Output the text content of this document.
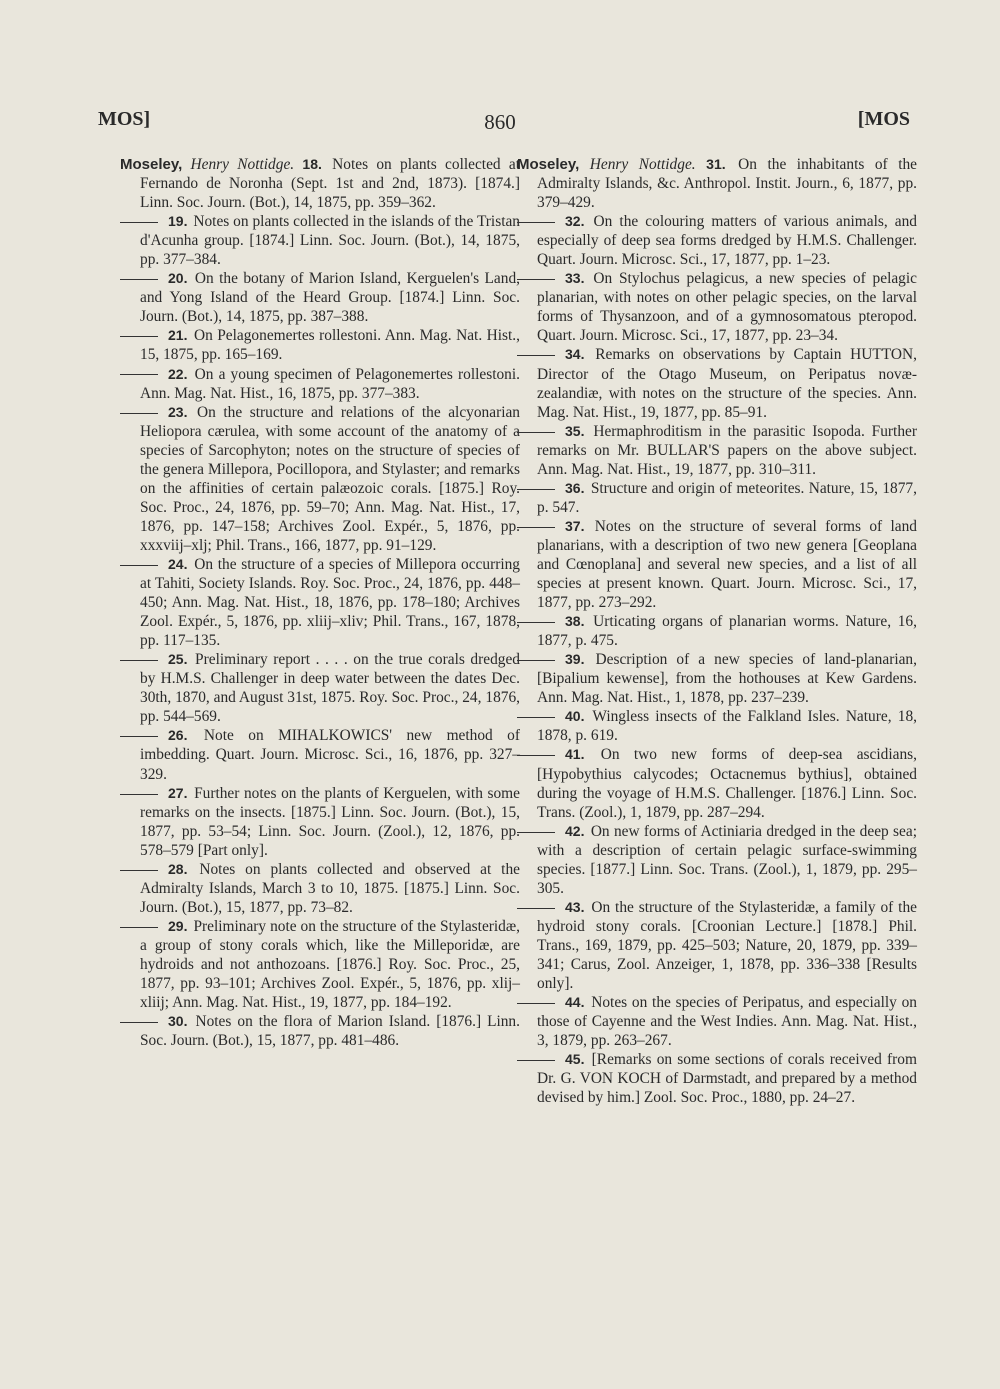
MOS]	860	[MOS

Moseley, Henry Nottidge. 18. Notes on plants collected at Fernando de Noronha (Sept. 1st and 2nd, 1873). [1874.] Linn. Soc. Journ. (Bot.), 14, 1875, pp. 359–362.

19. Notes on plants collected in the islands of the Tristan d'Acunha group. [1874.] Linn. Soc. Journ. (Bot.), 14, 1875, pp. 377–384.

20. On the botany of Marion Island, Kerguelen's Land, and Yong Island of the Heard Group. [1874.] Linn. Soc. Journ. (Bot.), 14, 1875, pp. 387–388.

21. On Pelagonemertes rollestoni. Ann. Mag. Nat. Hist., 15, 1875, pp. 165–169.

22. On a young specimen of Pelagonemertes rollestoni. Ann. Mag. Nat. Hist., 16, 1875, pp. 377–383.

23. On the structure and relations of the alcyonarian Heliopora cærulea, with some account of the anatomy of a species of Sarcophyton; notes on the structure of species of the genera Millepora, Pocillopora, and Stylaster; and remarks on the affinities of certain palæozoic corals. [1875.] Roy. Soc. Proc., 24, 1876, pp. 59–70; Ann. Mag. Nat. Hist., 17, 1876, pp. 147–158; Archives Zool. Expér., 5, 1876, pp. xxxviij–xlj; Phil. Trans., 166, 1877, pp. 91–129.

24. On the structure of a species of Millepora occurring at Tahiti, Society Islands. Roy. Soc. Proc., 24, 1876, pp. 448–450; Ann. Mag. Nat. Hist., 18, 1876, pp. 178–180; Archives Zool. Expér., 5, 1876, pp. xliij–xliv; Phil. Trans., 167, 1878, pp. 117–135.

25. Preliminary report . . . . on the true corals dredged by H.M.S. Challenger in deep water between the dates Dec. 30th, 1870, and August 31st, 1875. Roy. Soc. Proc., 24, 1876, pp. 544–569.

26. Note on MIHALKOWICS' new method of imbedding. Quart. Journ. Microsc. Sci., 16, 1876, pp. 327–329.

27. Further notes on the plants of Kerguelen, with some remarks on the insects. [1875.] Linn. Soc. Journ. (Bot.), 15, 1877, pp. 53–54; Linn. Soc. Journ. (Zool.), 12, 1876, pp. 578–579 [Part only].

28. Notes on plants collected and observed at the Admiralty Islands, March 3 to 10, 1875. [1875.] Linn. Soc. Journ. (Bot.), 15, 1877, pp. 73–82.

29. Preliminary note on the structure of the Stylasteridæ, a group of stony corals which, like the Milleporidæ, are hydroids and not anthozoans. [1876.] Roy. Soc. Proc., 25, 1877, pp. 93–101; Archives Zool. Expér., 5, 1876, pp. xlij–xliij; Ann. Mag. Nat. Hist., 19, 1877, pp. 184–192.

30. Notes on the flora of Marion Island. [1876.] Linn. Soc. Journ. (Bot.), 15, 1877, pp. 481–486.

Moseley, Henry Nottidge. 31. On the inhabitants of the Admiralty Islands, &c. Anthropol. Instit. Journ., 6, 1877, pp. 379–429.

32. On the colouring matters of various animals, and especially of deep sea forms dredged by H.M.S. Challenger. Quart. Journ. Microsc. Sci., 17, 1877, pp. 1–23.

33. On Stylochus pelagicus, a new species of pelagic planarian, with notes on other pelagic species, on the larval forms of Thysanzoon, and of a gymnosomatous pteropod. Quart. Journ. Microsc. Sci., 17, 1877, pp. 23–34.

34. Remarks on observations by Captain HUTTON, Director of the Otago Museum, on Peripatus novæ-zealandiæ, with notes on the structure of the species. Ann. Mag. Nat. Hist., 19, 1877, pp. 85–91.

35. Hermaphroditism in the parasitic Isopoda. Further remarks on Mr. BULLAR'S papers on the above subject. Ann. Mag. Nat. Hist., 19, 1877, pp. 310–311.

36. Structure and origin of meteorites. Nature, 15, 1877, p. 547.

37. Notes on the structure of several forms of land planarians, with a description of two new genera [Geoplana and Cœnoplana] and several new species, and a list of all species at present known. Quart. Journ. Microsc. Sci., 17, 1877, pp. 273–292.

38. Urticating organs of planarian worms. Nature, 16, 1877, p. 475.

39. Description of a new species of land-planarian, [Bipalium kewense], from the hothouses at Kew Gardens. Ann. Mag. Nat. Hist., 1, 1878, pp. 237–239.

40. Wingless insects of the Falkland Isles. Nature, 18, 1878, p. 619.

41. On two new forms of deep-sea ascidians, [Hypobythius calycodes; Octacnemus bythius], obtained during the voyage of H.M.S. Challenger. [1876.] Linn. Soc. Trans. (Zool.), 1, 1879, pp. 287–294.

42. On new forms of Actiniaria dredged in the deep sea; with a description of certain pelagic surface-swimming species. [1877.] Linn. Soc. Trans. (Zool.), 1, 1879, pp. 295–305.

43. On the structure of the Stylasteridæ, a family of the hydroid stony corals. [Croonian Lecture.] [1878.] Phil. Trans., 169, 1879, pp. 425–503; Nature, 20, 1879, pp. 339–341; Carus, Zool. Anzeiger, 1, 1878, pp. 336–338 [Results only].

44. Notes on the species of Peripatus, and especially on those of Cayenne and the West Indies. Ann. Mag. Nat. Hist., 3, 1879, pp. 263–267.

45. [Remarks on some sections of corals received from Dr. G. VON KOCH of Darmstadt, and prepared by a method devised by him.] Zool. Soc. Proc., 1880, pp. 24–27.
